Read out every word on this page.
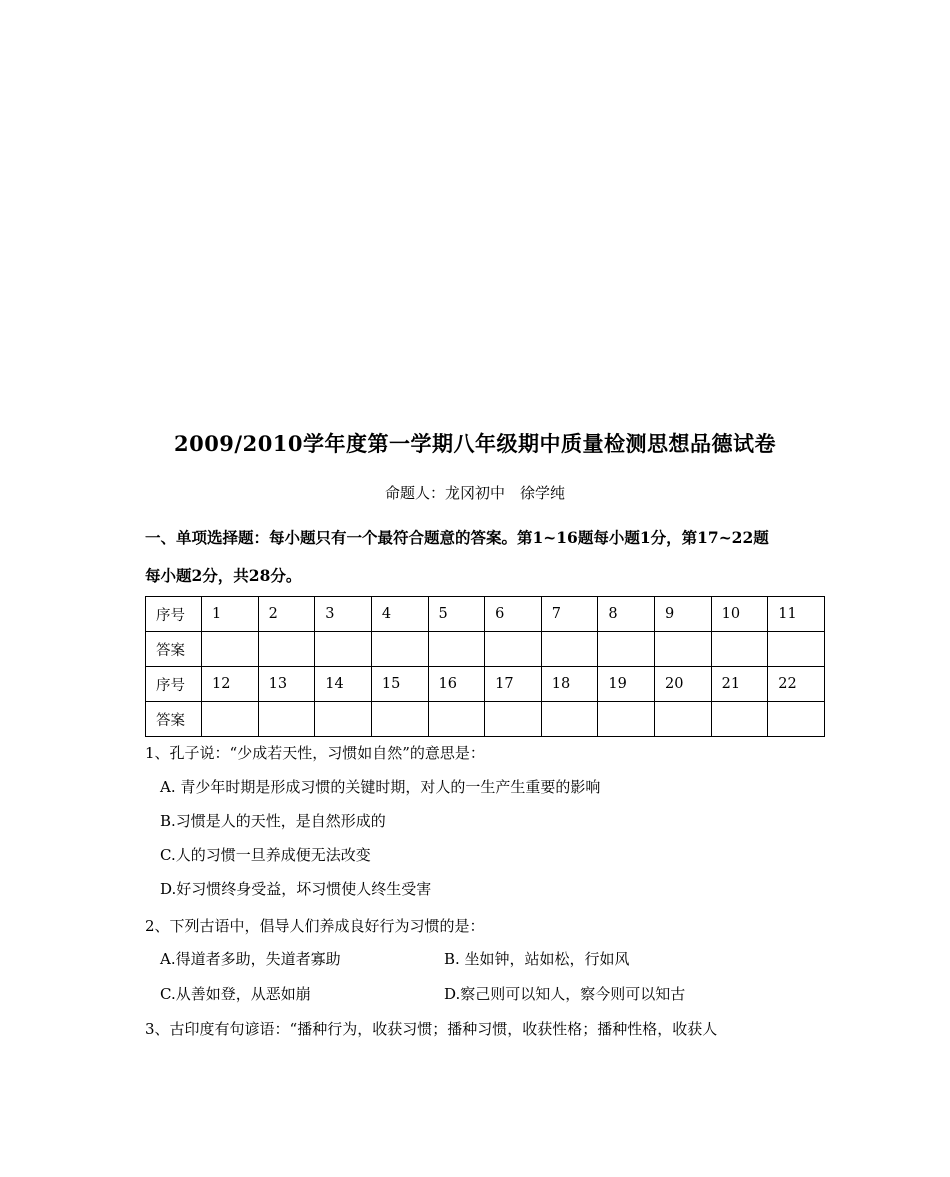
2009/2010学年度第一学期八年级期中质量检测思想品德试卷
命题人：龙冈初中　徐学纯
一、单项选择题：每小题只有一个最符合题意的答案。第1~16题每小题1分，第17~22题
每小题2分，共28分。
序号	1	2	3	4	5	6	7	8	9	10	11
答案											
序号	12	13	14	15	16	17	18	19	20	21	22
答案											
1、孔子说：“少成若天性，习惯如自然”的意思是：
A. 青少年时期是形成习惯的关键时期，对人的一生产生重要的影响
B.习惯是人的天性，是自然形成的
C.人的习惯一旦养成便无法改变
D.好习惯终身受益，坏习惯使人终生受害
2、下列古语中，倡导人们养成良好行为习惯的是：
A.得道者多助，失道者寡助	B. 坐如钟，站如松，行如风
C.从善如登，从恶如崩	D.察己则可以知人，察今则可以知古
3、古印度有句谚语：“播种行为，收获习惯；播种习惯，收获性格；播种性格，收获人
